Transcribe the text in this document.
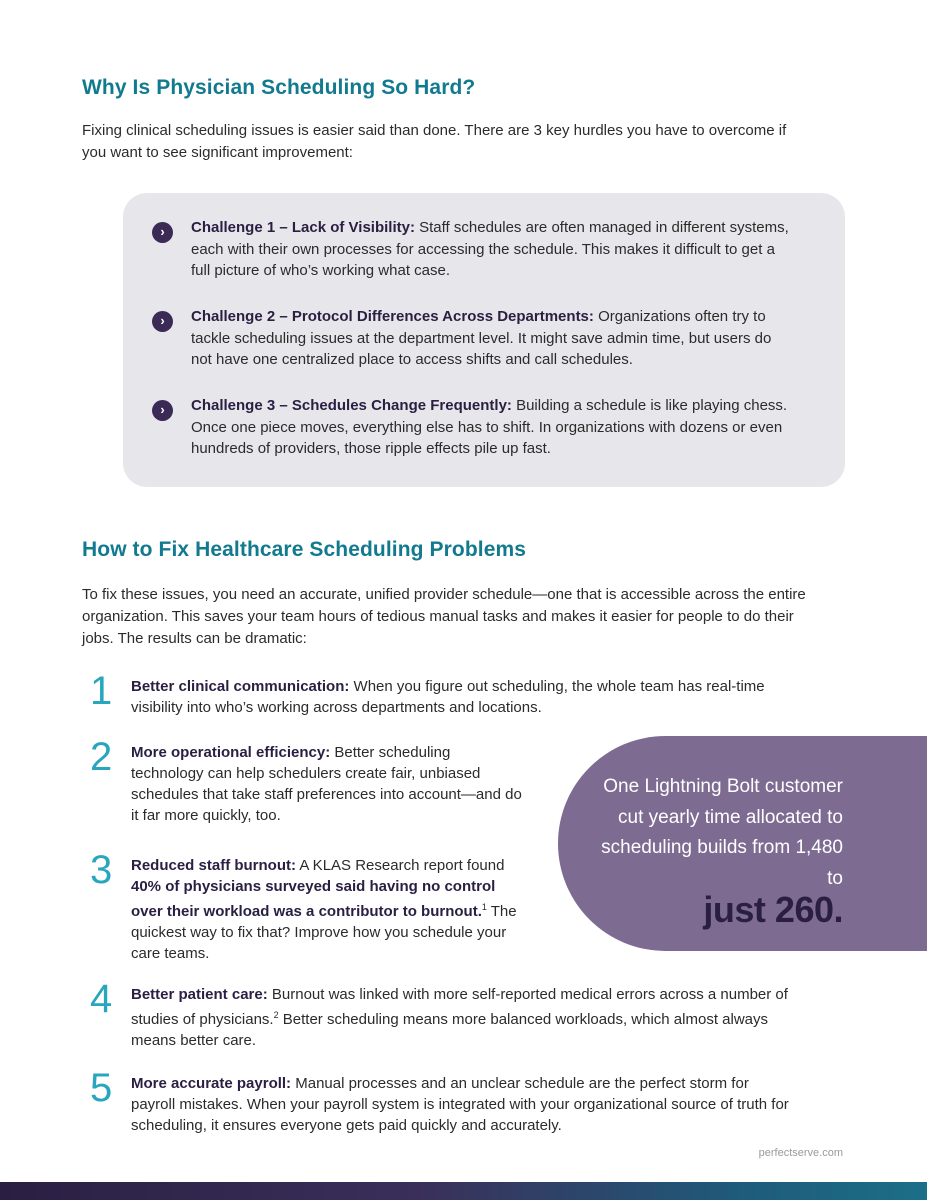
Why Is Physician Scheduling So Hard?

Fixing clinical scheduling issues is easier said than done. There are 3 key hurdles you have to overcome if you want to see significant improvement:

›	Challenge 1 – Lack of Visibility: Staff schedules are often managed in different systems, each with their own processes for accessing the schedule. This makes it difficult to get a full picture of who’s working what case.
›	Challenge 2 – Protocol Differences Across Departments: Organizations often try to tackle scheduling issues at the department level. It might save admin time, but users do not have one centralized place to access shifts and call schedules.
›	Challenge 3 – Schedules Change Frequently: Building a schedule is like playing chess. Once one piece moves, everything else has to shift. In organizations with dozens or even hundreds of providers, those ripple effects pile up fast.
How to Fix Healthcare Scheduling Problems

To fix these issues, you need an accurate, unified provider schedule—one that is accessible across the entire organization. This saves your team hours of tedious manual tasks and makes it easier for people to do their jobs. The results can be dramatic:

1	Better clinical communication: When you figure out scheduling, the whole team has real-time visibility into who’s working across departments and locations.
2	More operational efficiency: Better scheduling technology can help schedulers create fair, unbiased schedules that take staff preferences into account—and do it far more quickly, too.
3	Reduced staff burnout: A KLAS Research report found 40% of physicians surveyed said having no control over their workload was a contributor to burnout.$^1$ The quickest way to fix that? Improve how you schedule your care teams.
4	Better patient care: Burnout was linked with more self-reported medical errors across a number of studies of physicians.$^2$ Better scheduling means more balanced workloads, which almost always means better care.
5	More accurate payroll: Manual processes and an unclear schedule are the perfect storm for payroll mistakes. When your payroll system is integrated with your organizational source of truth for scheduling, it ensures everyone gets paid quickly and accurately.
One Lightning Bolt customer cut yearly time allocated to scheduling builds from 1,480 to
just 260.
perfectserve.com
